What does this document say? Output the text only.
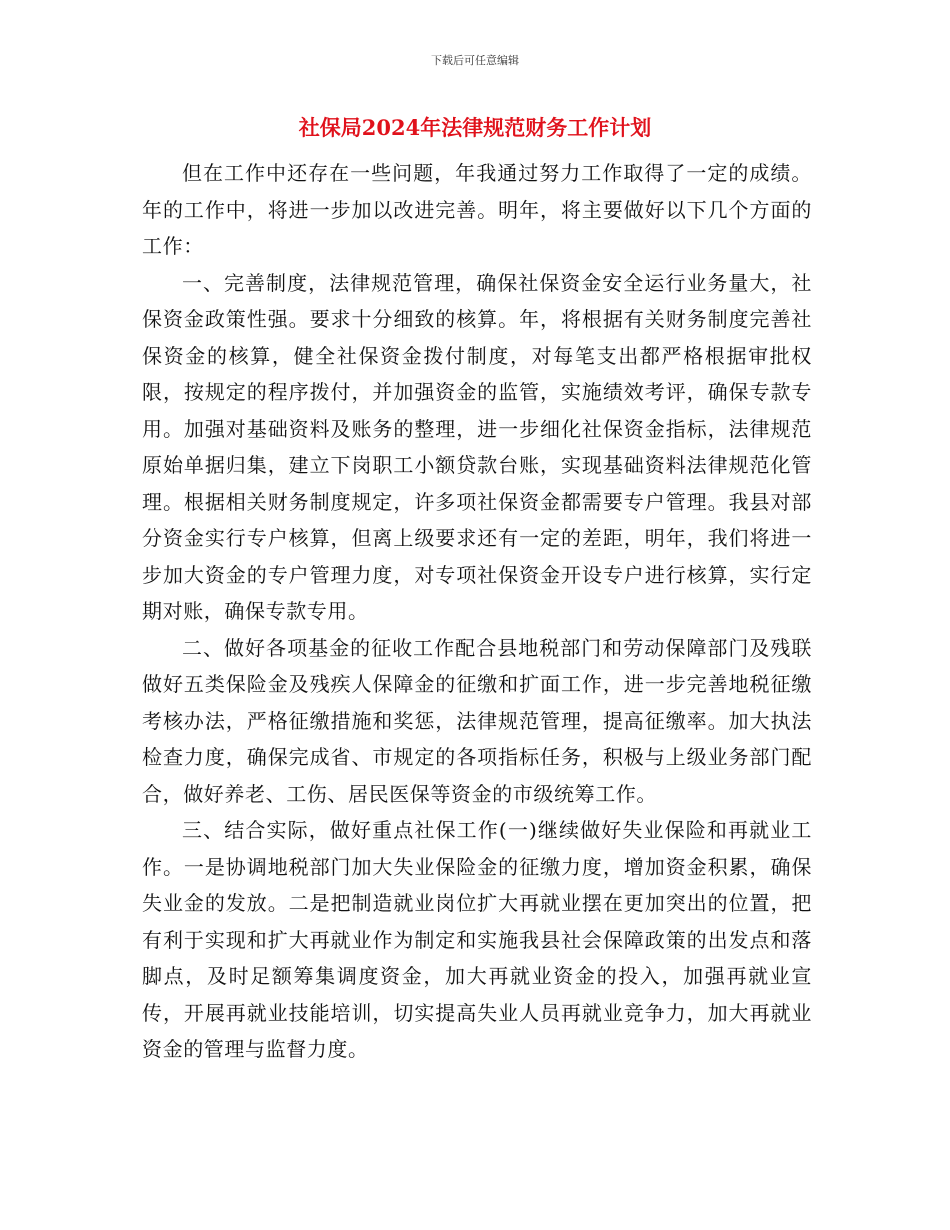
下载后可任意编辑
社保局2024年法律规范财务工作计划

但在工作中还存在一些问题，年我通过努力工作取得了一定的成绩。年的工作中，将进一步加以改进完善。明年，将主要做好以下几个方面的工作：

一、完善制度，法律规范管理，确保社保资金安全运行业务量大，社保资金政策性强。要求十分细致的核算。年，将根据有关财务制度完善社保资金的核算，健全社保资金拨付制度，对每笔支出都严格根据审批权限，按规定的程序拨付，并加强资金的监管，实施绩效考评，确保专款专用。加强对基础资料及账务的整理，进一步细化社保资金指标，法律规范原始单据归集，建立下岗职工小额贷款台账，实现基础资料法律规范化管理。根据相关财务制度规定，许多项社保资金都需要专户管理。我县对部分资金实行专户核算，但离上级要求还有一定的差距，明年，我们将进一步加大资金的专户管理力度，对专项社保资金开设专户进行核算，实行定期对账，确保专款专用。

二、做好各项基金的征收工作配合县地税部门和劳动保障部门及残联做好五类保险金及残疾人保障金的征缴和扩面工作，进一步完善地税征缴考核办法，严格征缴措施和奖惩，法律规范管理，提高征缴率。加大执法检查力度，确保完成省、市规定的各项指标任务，积极与上级业务部门配合，做好养老、工伤、居民医保等资金的市级统筹工作。

三、结合实际，做好重点社保工作(一)继续做好失业保险和再就业工作。一是协调地税部门加大失业保险金的征缴力度，增加资金积累，确保失业金的发放。二是把制造就业岗位扩大再就业摆在更加突出的位置，把有利于实现和扩大再就业作为制定和实施我县社会保障政策的出发点和落脚点，及时足额筹集调度资金，加大再就业资金的投入，加强再就业宣传，开展再就业技能培训，切实提高失业人员再就业竞争力，加大再就业资金的管理与监督力度。
